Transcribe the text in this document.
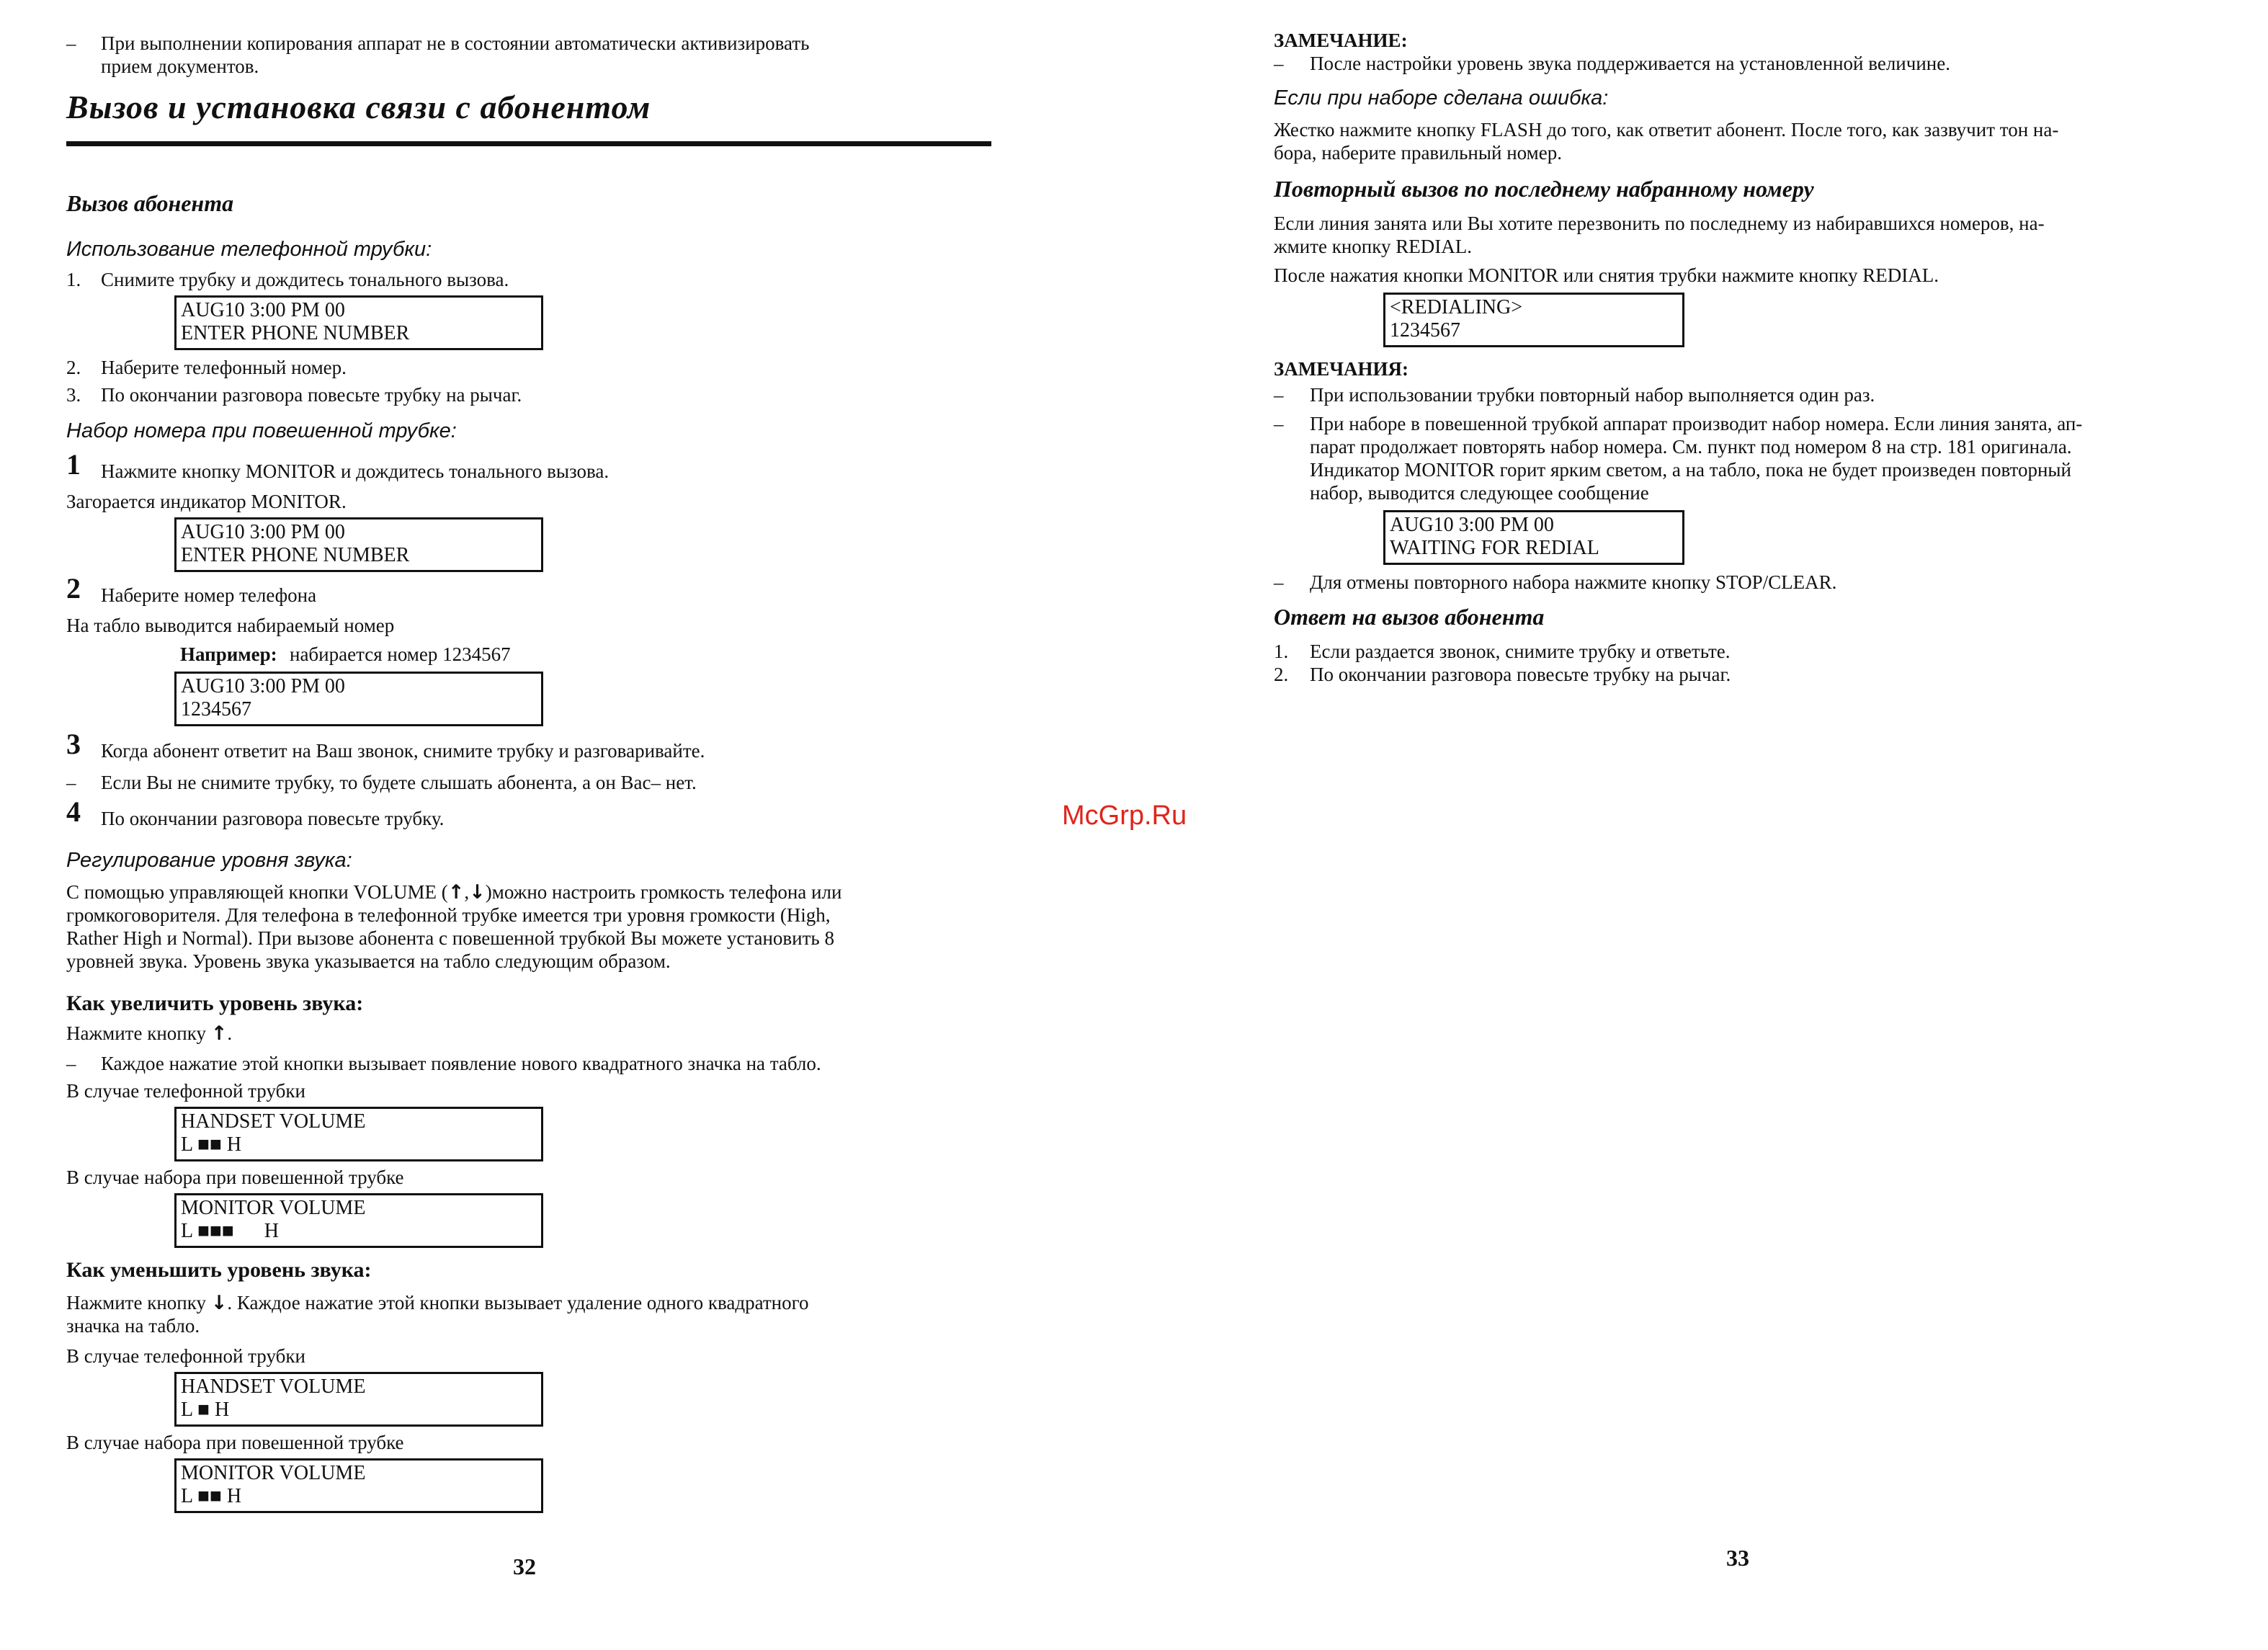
– При выполнении копирования аппарат не в состоянии автоматически активизировать
прием документов.
Вызов и установка связи с абонентом
Вызов абонента
Использование телефонной трубки:
1. Снимите трубку и дождитесь тонального вызова.
AUG10 3:00 PM 00
ENTER PHONE NUMBER
2. Наберите телефонный номер.
3. По окончании разговора повесьте трубку на рычаг.
Набор номера при повешенной трубке:
1 Нажмите кнопку MONITOR и дождитесь тонального вызова.
Загорается индикатор MONITOR.
AUG10 3:00 PM 00
ENTER PHONE NUMBER
2 Наберите номер телефона
На табло выводится набираемый номер
Например: набирается номер 1234567
AUG10 3:00 PM 00
1234567
3 Когда абонент ответит на Ваш звонок, снимите трубку и разговаривайте.
– Если Вы не снимите трубку, то будете слышать абонента, а он Вас– нет.
4 По окончании разговора повесьте трубку.
Регулирование уровня звука:
С помощью управляющей кнопки VOLUME (↑,↓)можно настроить громкость телефона или
громкоговорителя. Для телефона в телефонной трубке имеется три уровня громкости (High,
Rather High и Normal). При вызове абонента с повешенной трубкой Вы можете установить 8
уровней звука. Уровень звука указывается на табло следующим образом.
Как увеличить уровень звука:
Нажмите кнопку ↑.
– Каждое нажатие этой кнопки вызывает появление нового квадратного значка на табло.
В случае телефонной трубки
HANDSET VOLUME
L ■■ H
В случае набора при повешенной трубке
MONITOR VOLUME
L ■■■      H
Как уменьшить уровень звука:
Нажмите кнопку ↓. Каждое нажатие этой кнопки вызывает удаление одного квадратного
значка на табло.
В случае телефонной трубки
HANDSET VOLUME
L ■ H
В случае набора при повешенной трубке
MONITOR VOLUME
L ■■ H
32
McGrp.Ru
ЗАМЕЧАНИЕ:
– После настройки уровень звука поддерживается на установленной величине.
Если при наборе сделана ошибка:
Жестко нажмите кнопку FLASH до того, как ответит абонент. После того, как зазвучит тон на-
бора, наберите правильный номер.
Повторный вызов по последнему набранному номеру
Если линия занята или Вы хотите перезвонить по последнему из набиравшихся номеров, на-
жмите кнопку REDIAL.
После нажатия кнопки MONITOR или снятия трубки нажмите кнопку REDIAL.
<REDIALING>
1234567
ЗАМЕЧАНИЯ:
– При использовании трубки повторный набор выполняется один раз.
– При наборе в повешенной трубкой аппарат производит набор номера. Если линия занята, ап-
парат продолжает повторять набор номера. См. пункт под номером 8 на стр. 181 оригинала.
Индикатор MONITOR горит ярким светом, а на табло, пока не будет произведен повторный
набор, выводится следующее сообщение
AUG10 3:00 PM 00
WAITING FOR REDIAL
– Для отмены повторного набора нажмите кнопку STOP/CLEAR.
Ответ на вызов абонента
1. Если раздается звонок, снимите трубку и ответьте.
2. По окончании разговора повесьте трубку на рычаг.
33
